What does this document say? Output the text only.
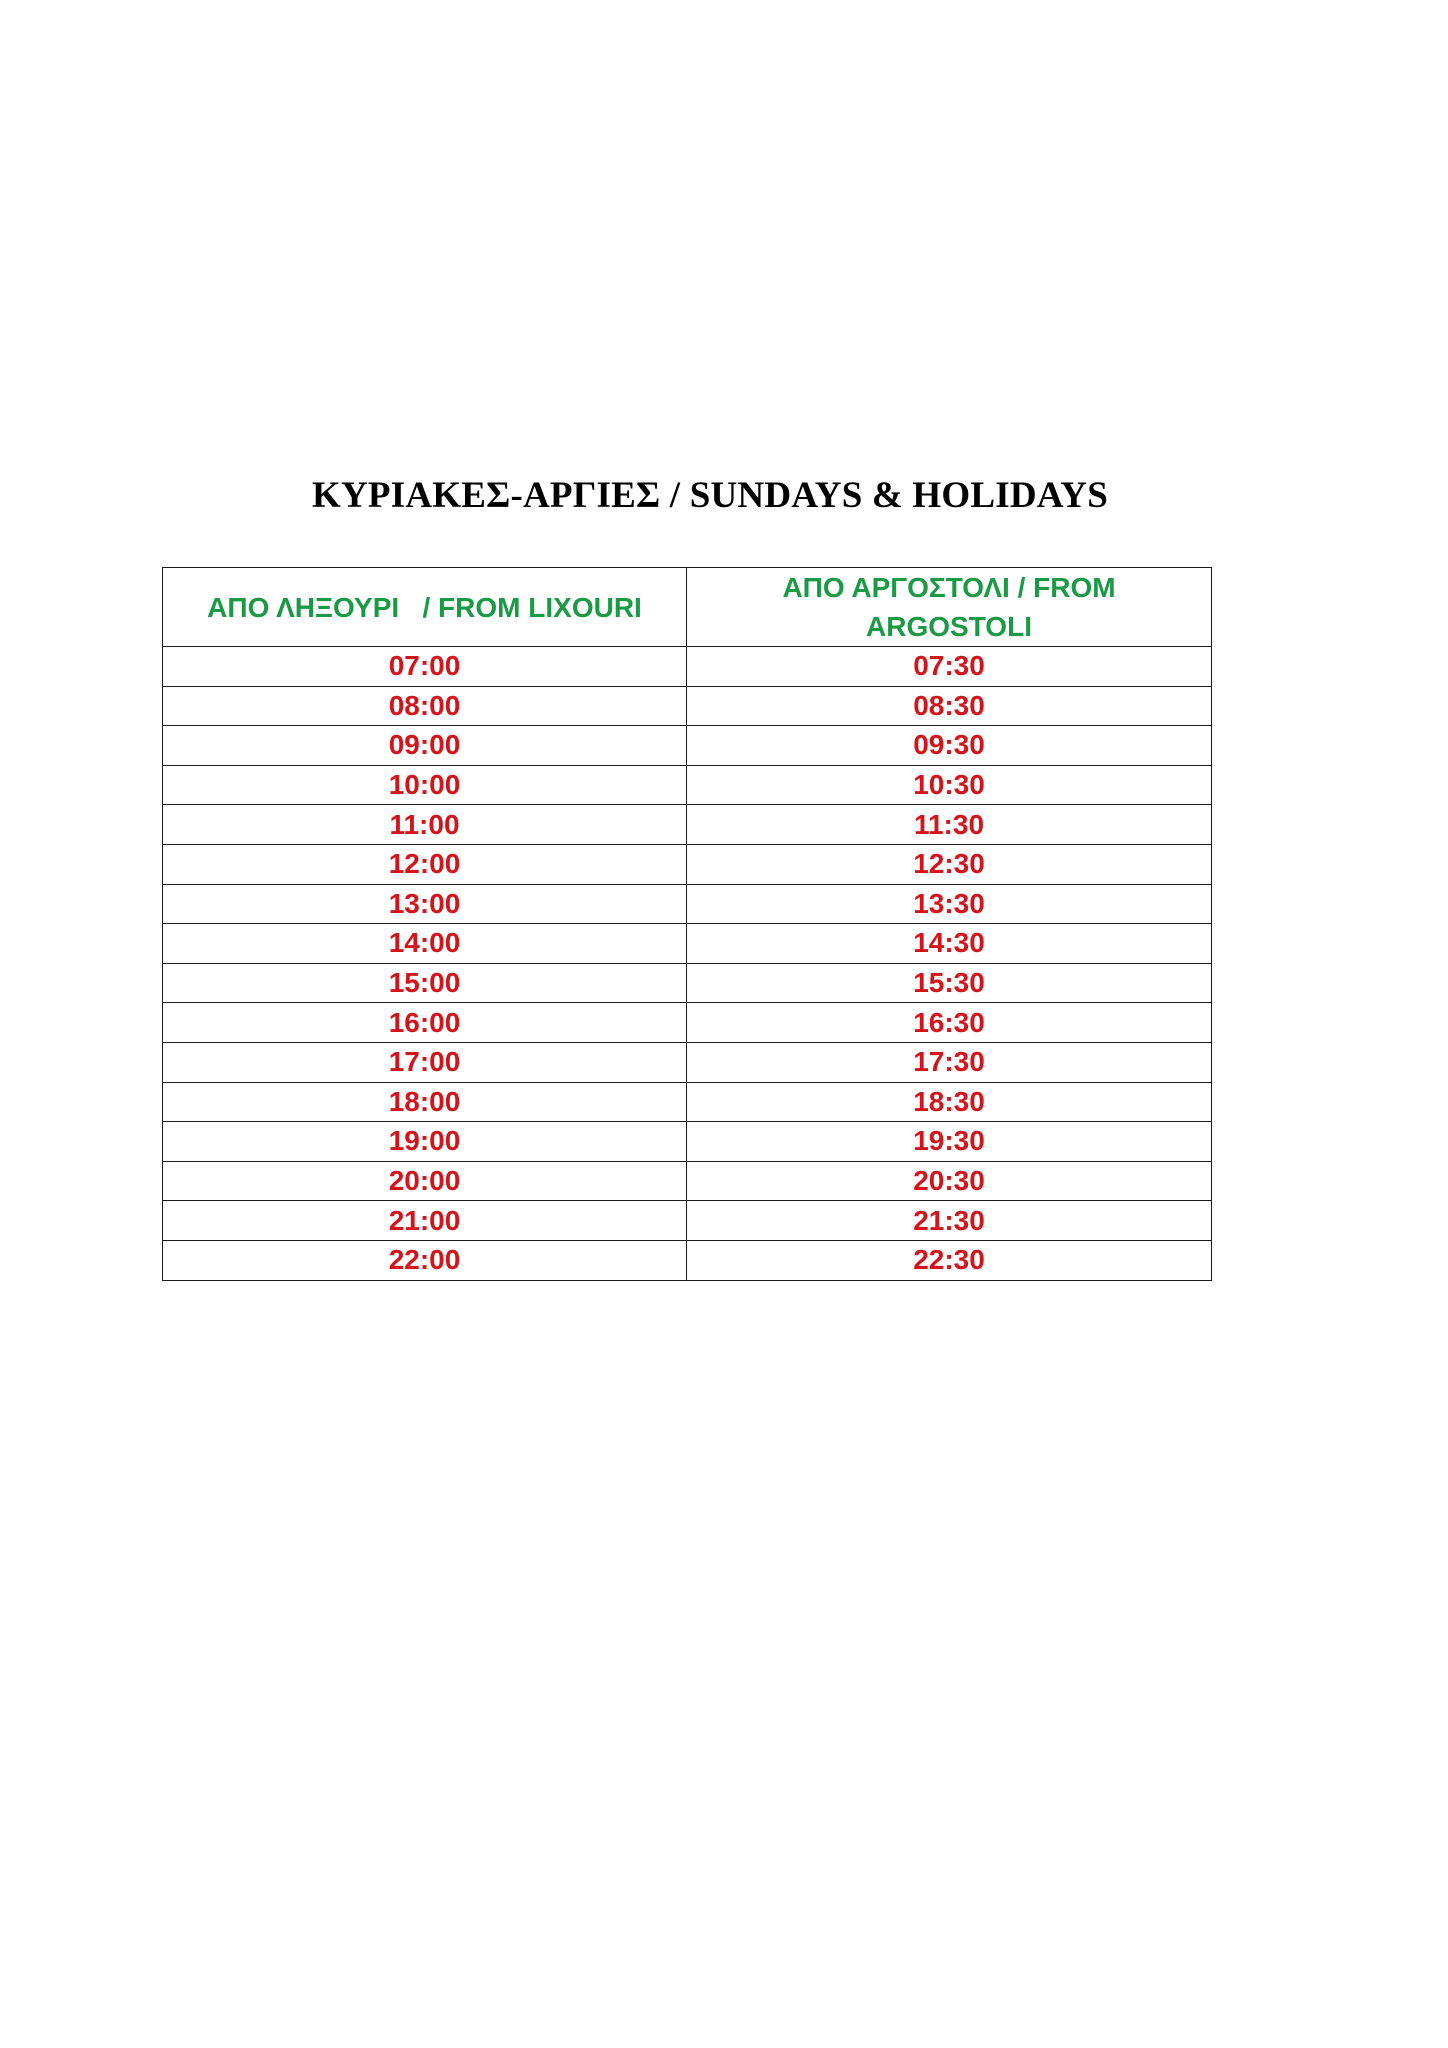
ΚΥΡΙΑΚΕΣ-ΑΡΓΙΕΣ / SUNDAYS & HOLIDAYS
ΑΠΟ ΛΗΞΟΥΡΙ   / FROM LIXOURI	ΑΠΟ ΑΡΓΟΣΤΟΛΙ / FROM ARGOSTOLI
07:00	07:30
08:00	08:30
09:00	09:30
10:00	10:30
11:00	11:30
12:00	12:30
13:00	13:30
14:00	14:30
15:00	15:30
16:00	16:30
17:00	17:30
18:00	18:30
19:00	19:30
20:00	20:30
21:00	21:30
22:00	22:30
